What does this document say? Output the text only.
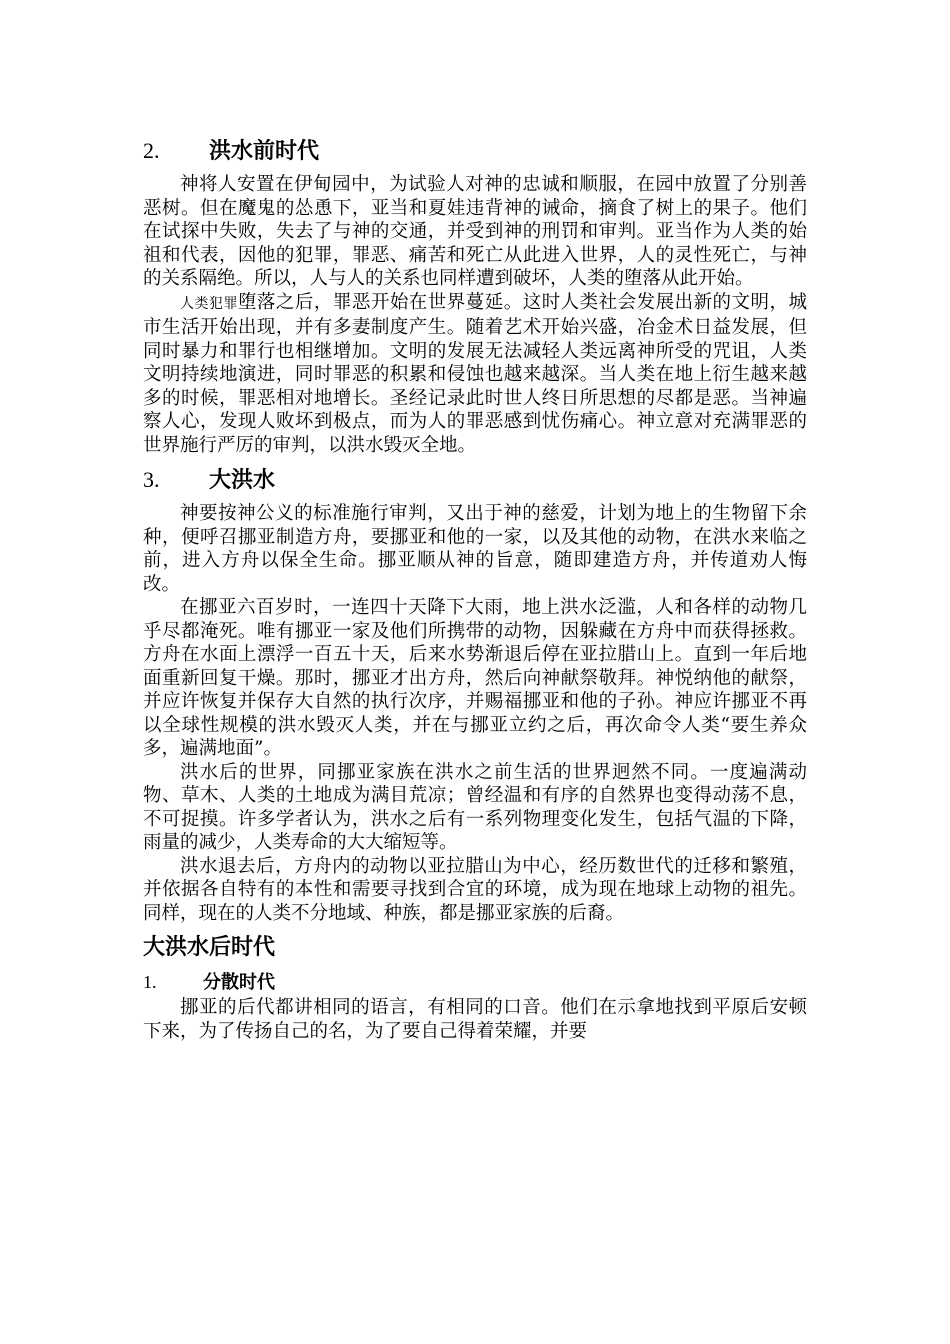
2. 洪水前时代

神将人安置在伊甸园中，为试验人对神的忠诚和顺服，在园中放置了分别善恶树。但在魔鬼的怂恿下，亚当和夏娃违背神的诫命，摘食了树上的果子。他们在试探中失败，失去了与神的交通，并受到神的刑罚和审判。亚当作为人类的始祖和代表，因他的犯罪，罪恶、痛苦和死亡从此进入世界，人的灵性死亡，与神的关系隔绝。所以，人与人的关系也同样遭到破坏，人类的堕落从此开始。

人类犯罪堕落之后，罪恶开始在世界蔓延。这时人类社会发展出新的文明，城市生活开始出现，并有多妻制度产生。随着艺术开始兴盛，冶金术日益发展，但同时暴力和罪行也相继增加。文明的发展无法减轻人类远离神所受的咒诅，人类文明持续地演进，同时罪恶的积累和侵蚀也越来越深。当人类在地上衍生越来越多的时候，罪恶相对地增长。圣经记录此时世人终日所思想的尽都是恶。当神遍察人心，发现人败坏到极点，而为人的罪恶感到忧伤痛心。神立意对充满罪恶的世界施行严厉的审判，以洪水毁灭全地。

3. 大洪水

神要按神公义的标准施行审判，又出于神的慈爱，计划为地上的生物留下余种，便呼召挪亚制造方舟，要挪亚和他的一家，以及其他的动物，在洪水来临之前，进入方舟以保全生命。挪亚顺从神的旨意，随即建造方舟，并传道劝人悔改。

在挪亚六百岁时，一连四十天降下大雨，地上洪水泛滥，人和各样的动物几乎尽都淹死。唯有挪亚一家及他们所携带的动物，因躲藏在方舟中而获得拯救。方舟在水面上漂浮一百五十天，后来水势渐退后停在亚拉腊山上。直到一年后地面重新回复干燥。那时，挪亚才出方舟，然后向神献祭敬拜。神悦纳他的献祭，并应许恢复并保存大自然的执行次序，并赐福挪亚和他的子孙。神应许挪亚不再以全球性规模的洪水毁灭人类，并在与挪亚立约之后，再次命令人类“要生养众多，遍满地面”。

洪水后的世界，同挪亚家族在洪水之前生活的世界迥然不同。一度遍满动物、草木、人类的土地成为满目荒凉；曾经温和有序的自然界也变得动荡不息，不可捉摸。许多学者认为，洪水之后有一系列物理变化发生，包括气温的下降，雨量的减少，人类寿命的大大缩短等。

洪水退去后，方舟内的动物以亚拉腊山为中心，经历数世代的迁移和繁殖，并依据各自特有的本性和需要寻找到合宜的环境，成为现在地球上动物的祖先。同样，现在的人类不分地域、种族，都是挪亚家族的后裔。

大洪水后时代
1.	分散时代

挪亚的后代都讲相同的语言，有相同的口音。他们在示拿地找到平原后安顿下来，为了传扬自己的名，为了要自己得着荣耀，并要
